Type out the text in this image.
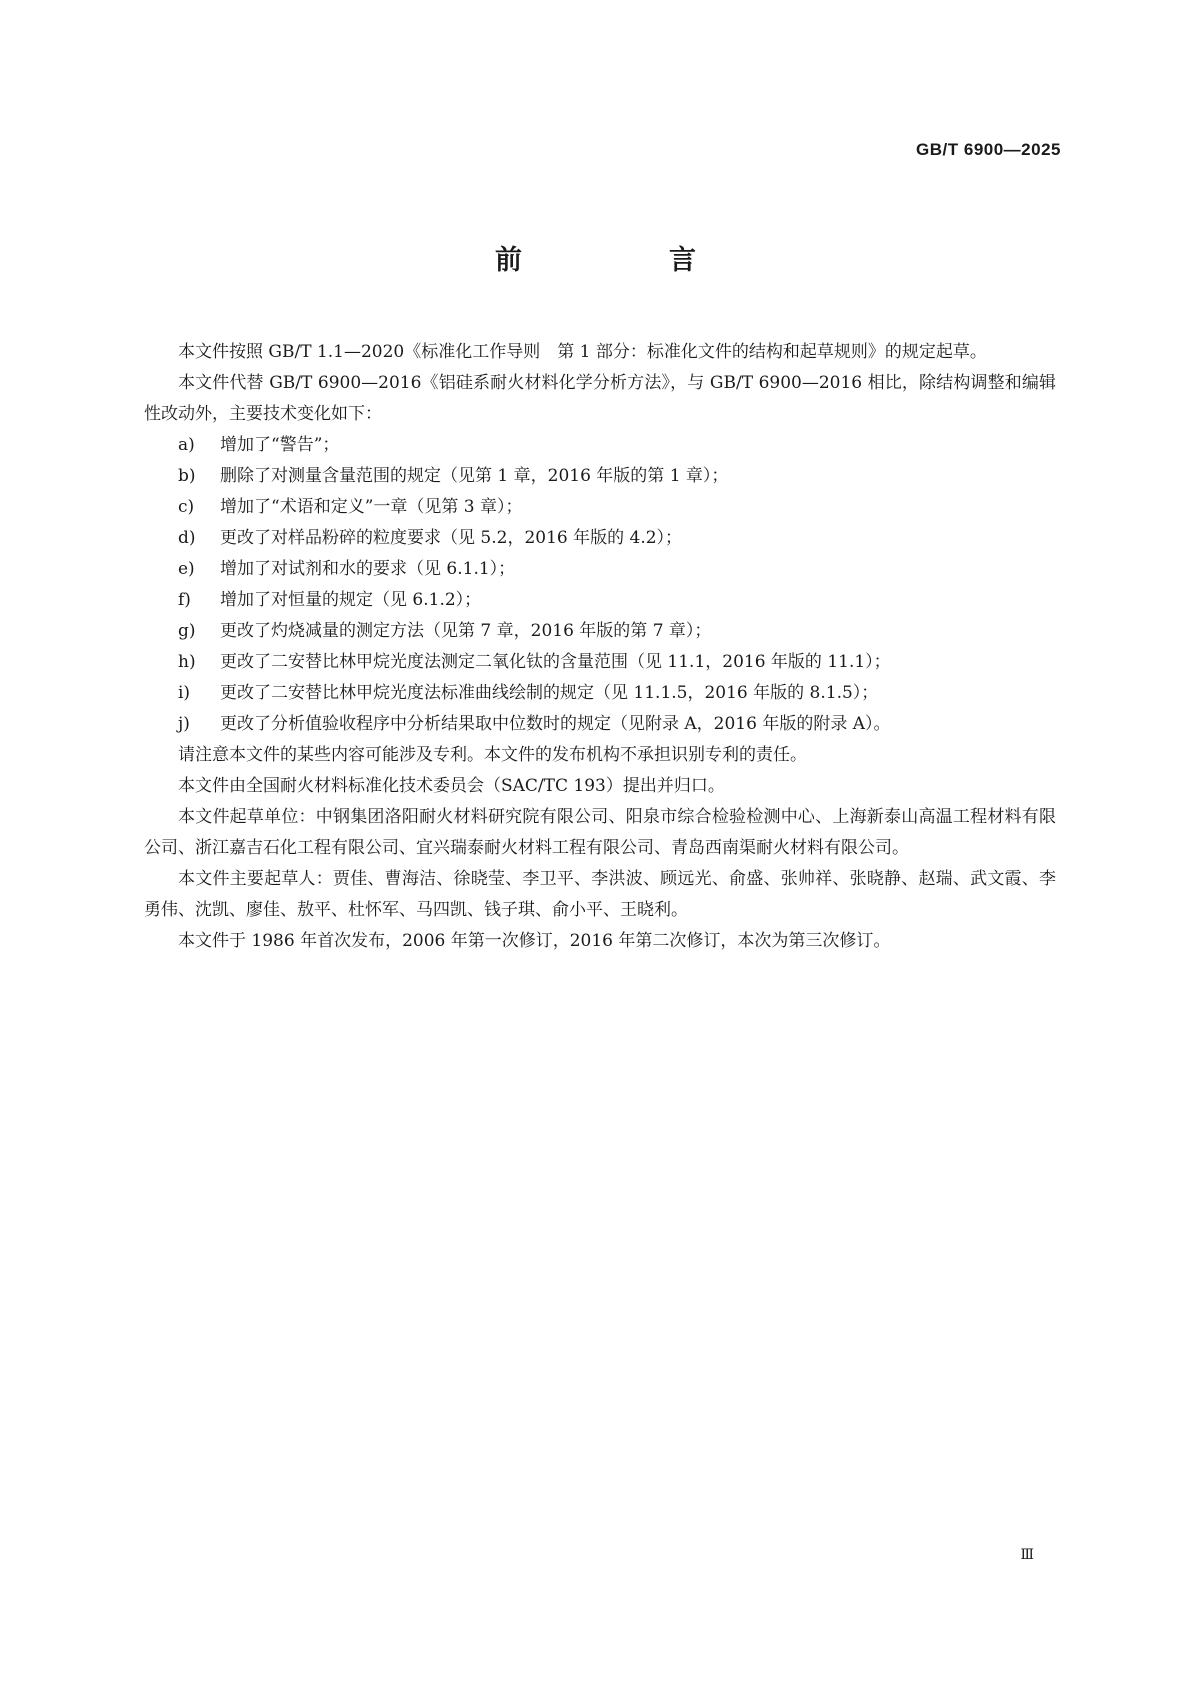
GB/T 6900—2025
前　言

本文件按照 GB/T 1.1—2020《标准化工作导则　第 1 部分：标准化文件的结构和起草规则》的规定起草。

本文件代替 GB/T 6900—2016《铝硅系耐火材料化学分析方法》，与 GB/T 6900—2016 相比，除结构调整和编辑性改动外，主要技术变化如下：

a) 增加了“警告”；
b) 删除了对测量含量范围的规定（见第 1 章，2016 年版的第 1 章）；
c) 增加了“术语和定义”一章（见第 3 章）；
d) 更改了对样品粉碎的粒度要求（见 5.2，2016 年版的 4.2）；
e) 增加了对试剂和水的要求（见 6.1.1）；
f) 增加了对恒量的规定（见 6.1.2）；
g) 更改了灼烧减量的测定方法（见第 7 章，2016 年版的第 7 章）；
h) 更改了二安替比林甲烷光度法测定二氧化钛的含量范围（见 11.1，2016 年版的 11.1）；
i) 更改了二安替比林甲烷光度法标准曲线绘制的规定（见 11.1.5，2016 年版的 8.1.5）；
j) 更改了分析值验收程序中分析结果取中位数时的规定（见附录 A，2016 年版的附录 A）。

请注意本文件的某些内容可能涉及专利。本文件的发布机构不承担识别专利的责任。

本文件由全国耐火材料标准化技术委员会（SAC/TC 193）提出并归口。

本文件起草单位：中钢集团洛阳耐火材料研究院有限公司、阳泉市综合检验检测中心、上海新泰山高温工程材料有限公司、浙江嘉吉石化工程有限公司、宜兴瑞泰耐火材料工程有限公司、青岛西南渠耐火材料有限公司。

本文件主要起草人：贾佳、曹海洁、徐晓莹、李卫平、李洪波、顾远光、俞盛、张帅祥、张晓静、赵瑞、武文霞、李勇伟、沈凯、廖佳、敖平、杜怀军、马四凯、钱子琪、俞小平、王晓利。

本文件于 1986 年首次发布，2006 年第一次修订，2016 年第二次修订，本次为第三次修订。

Ⅲ
